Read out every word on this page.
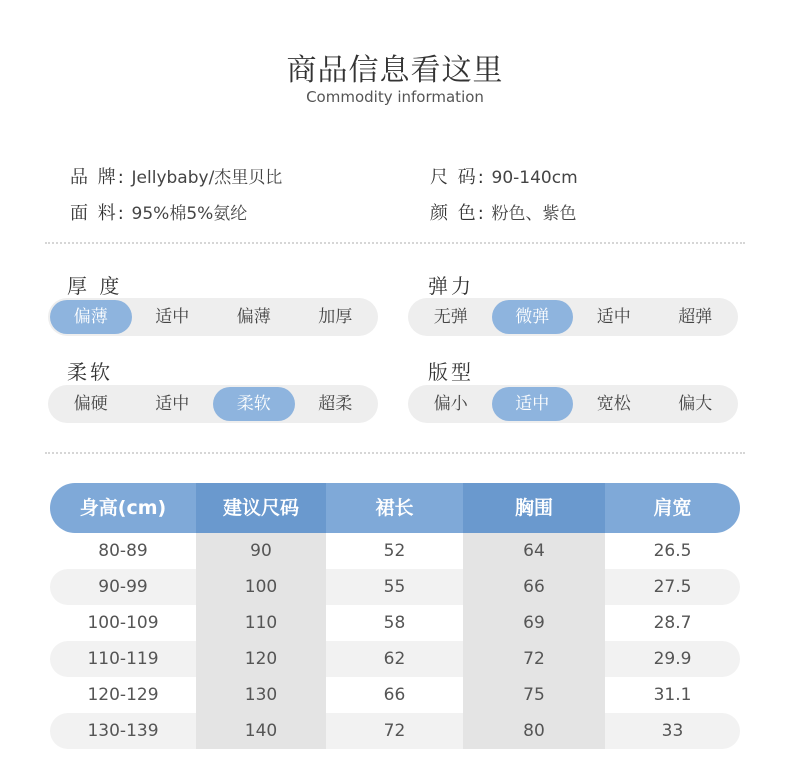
商品信息看这里
Commodity information
品 牌: Jellybaby/杰里贝比	尺 码: 90-140cm
面 料: 95%棉5%氨纶	颜 色: 粉色、紫色
厚 度
偏薄	适中	偏薄	加厚
弹力
无弹	微弹	适中	超弹
柔软
偏硬	适中	柔软	超柔
版型
偏小	适中	宽松	偏大
身高(cm)	建议尺码	裙长	胸围	肩宽
80-89	90	52	64	26.5
90-99	100	55	66	27.5
100-109	110	58	69	28.7
110-119	120	62	72	29.9
120-129	130	66	75	31.1
130-139	140	72	80	33
